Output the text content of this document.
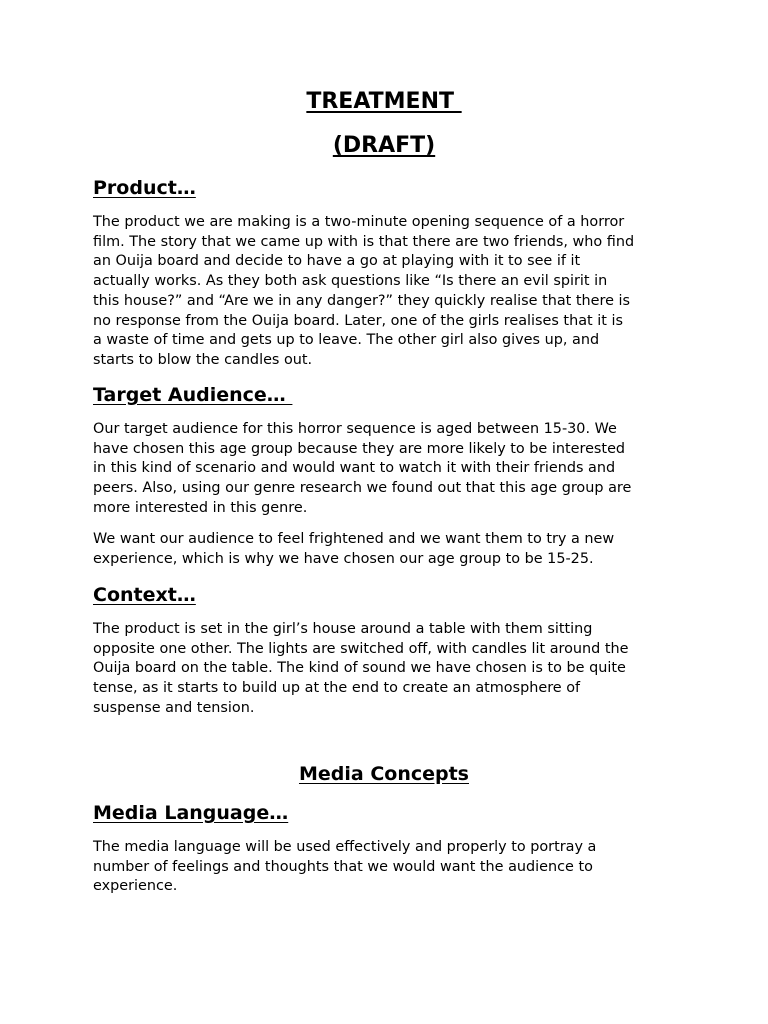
TREATMENT
(DRAFT)
Product…
The product we are making is a two-minute opening sequence of a horror
film. The story that we came up with is that there are two friends, who find
an Ouija board and decide to have a go at playing with it to see if it
actually works. As they both ask questions like “Is there an evil spirit in
this house?” and “Are we in any danger?” they quickly realise that there is
no response from the Ouija board. Later, one of the girls realises that it is
a waste of time and gets up to leave. The other girl also gives up, and
starts to blow the candles out.
Target Audience…
Our target audience for this horror sequence is aged between 15-30. We
have chosen this age group because they are more likely to be interested
in this kind of scenario and would want to watch it with their friends and
peers. Also, using our genre research we found out that this age group are
more interested in this genre.
We want our audience to feel frightened and we want them to try a new
experience, which is why we have chosen our age group to be 15-25.
Context…
The product is set in the girl’s house around a table with them sitting
opposite one other. The lights are switched off, with candles lit around the
Ouija board on the table. The kind of sound we have chosen is to be quite
tense, as it starts to build up at the end to create an atmosphere of
suspense and tension.
Media Concepts
Media Language…
The media language will be used effectively and properly to portray a
number of feelings and thoughts that we would want the audience to
experience.
